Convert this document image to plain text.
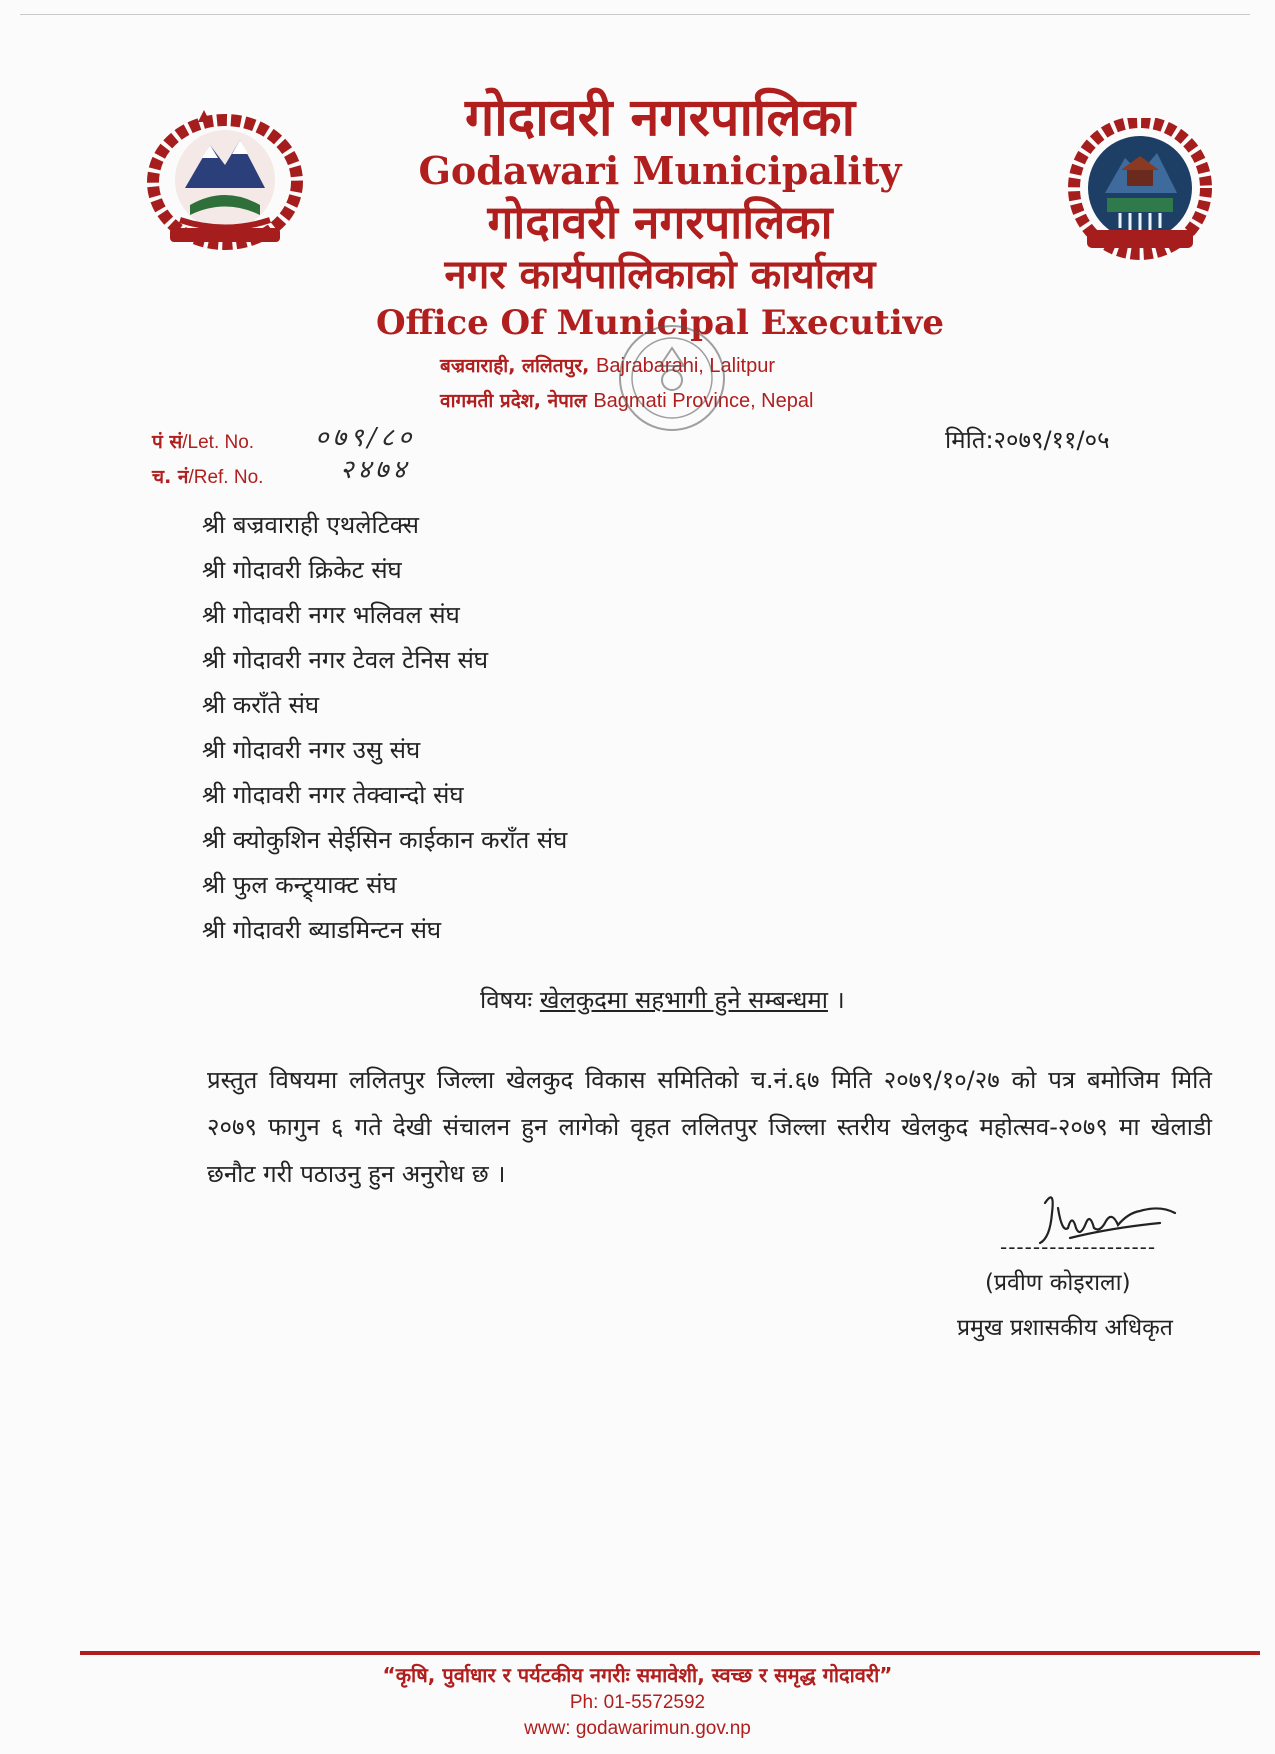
गोदावरी नगरपालिका
Godawari Municipality
गोदावरी नगरपालिका
नगर कार्यपालिकाको कार्यालय
Office Of Municipal Executive
बज्रवाराही, ललितपुर, Bajrabarahi, Lalitpur
वागमती प्रदेश, नेपाल Bagmati Province, Nepal
पं सं/Let. No. ०७९/८०
च. नं/Ref. No.	२४७४
मिति:२०७९/११/०५
श्री बज्रवाराही एथलेटिक्स
श्री गोदावरी क्रिकेट संघ
श्री गोदावरी नगर भलिवल संघ
श्री गोदावरी नगर टेवल टेनिस संघ
श्री कराँते संघ
श्री गोदावरी नगर उसु संघ
श्री गोदावरी नगर तेक्वान्दो संघ
श्री क्योकुशिन सेईसिन काईकान कराँत संघ
श्री फुल कन्ट्र्याक्ट संघ
श्री गोदावरी ब्याडमिन्टन संघ
विषयः खेलकुदमा सहभागी हुने सम्बन्धमा ।
प्रस्तुत विषयमा ललितपुर जिल्ला खेलकुद विकास समितिको च.नं.६७ मिति २०७९/१०/२७ को पत्र बमोजिम मिति २०७९ फागुन ६ गते देखी संचालन हुन लागेको वृहत ललितपुर जिल्ला स्तरीय खेलकुद महोत्सव-२०७९ मा खेलाडी छनौट गरी पठाउनु हुन अनुरोध छ ।
-------------------
(प्रवीण कोइराला)
प्रमुख प्रशासकीय अधिकृत
“कृषि, पुर्वाधार र पर्यटकीय नगरीः समावेशी, स्वच्छ र समृद्ध गोदावरी”
Ph: 01-5572592
www: godawarimun.gov.np
